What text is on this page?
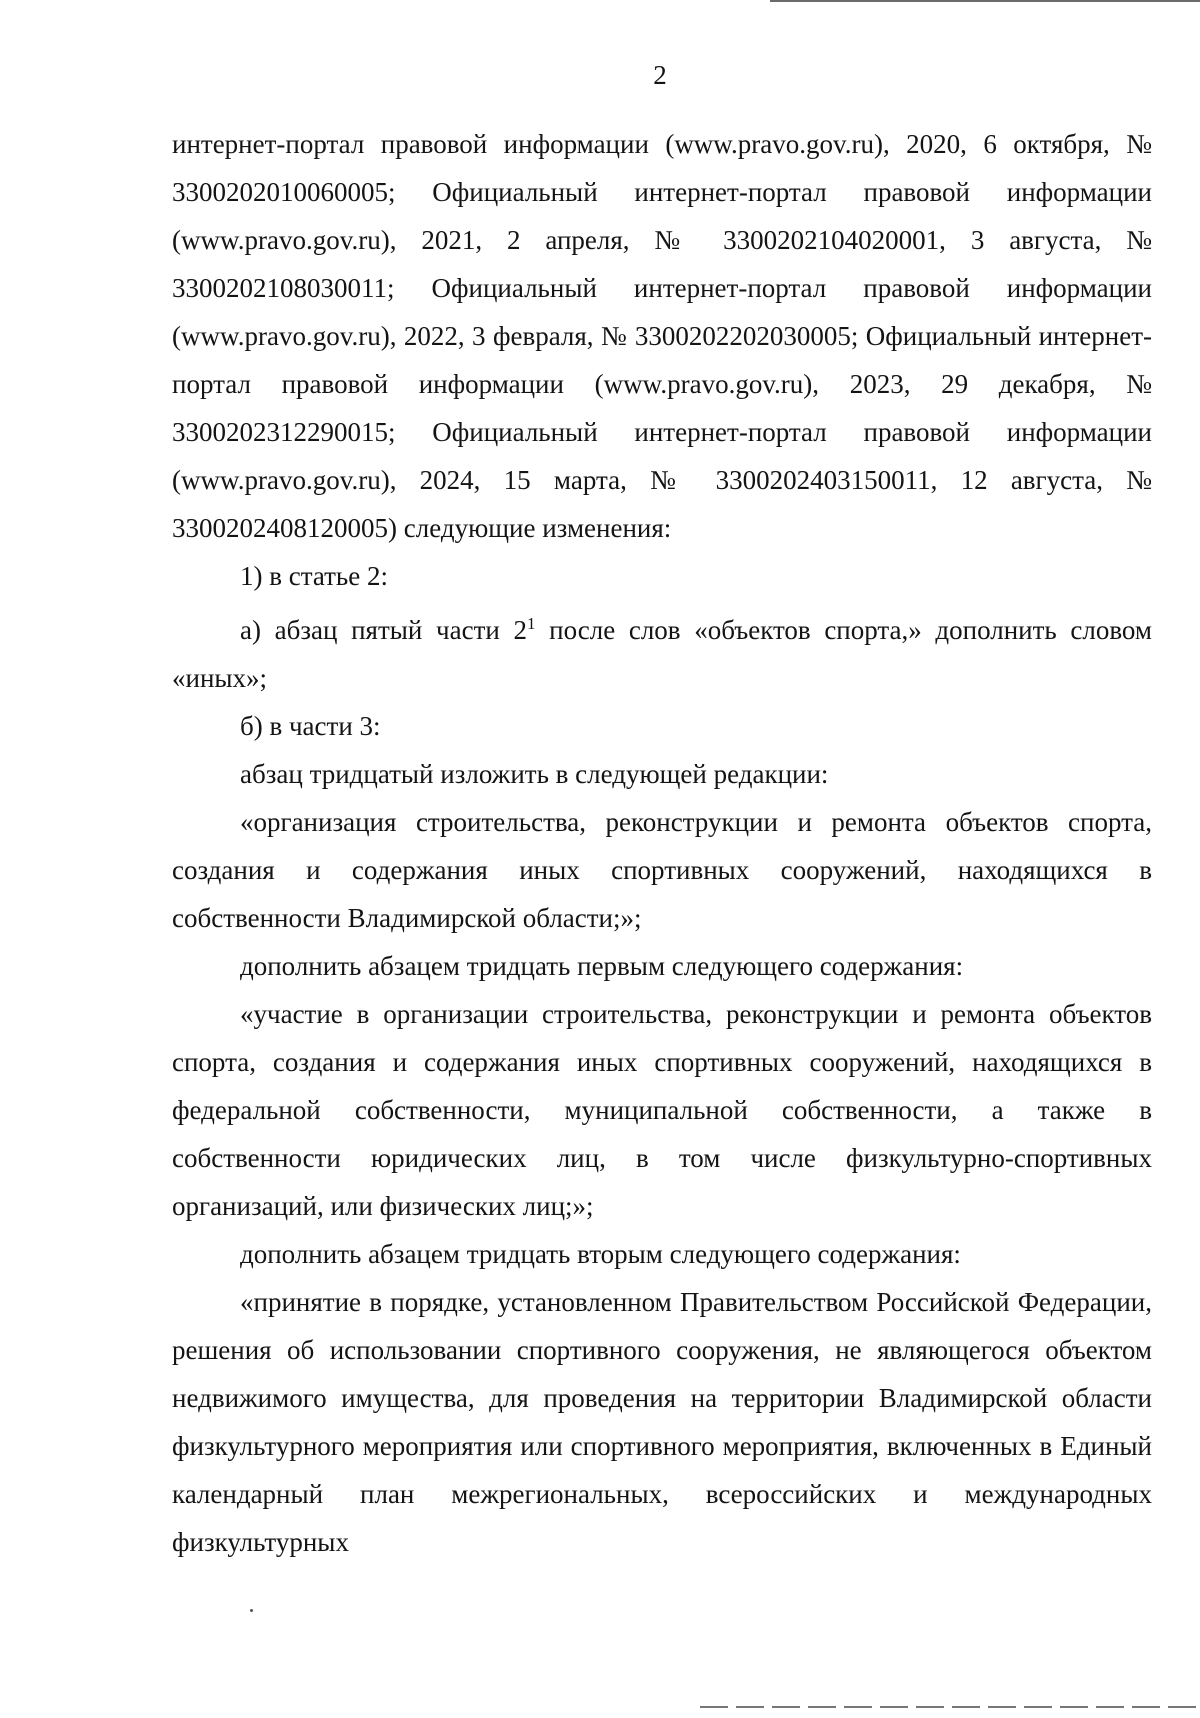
2

интернет-портал правовой информации (www.pravo.gov.ru), 2020, 6 октября, № 3300202010060005; Официальный интернет-портал правовой информации (www.pravo.gov.ru), 2021, 2 апреля, № 3300202104020001, 3 августа, № 3300202108030011; Официальный интернет-портал правовой информации (www.pravo.gov.ru), 2022, 3 февраля, № 3300202202030005; Официальный интернет-портал правовой информации (www.pravo.gov.ru), 2023, 29 декабря, № 3300202312290015; Официальный интернет-портал правовой информации (www.pravo.gov.ru), 2024, 15 марта, № 3300202403150011, 12 августа, № 3300202408120005) следующие изменения:

1) в статье 2:

а) абзац пятый части $2^1$ после слов «объектов спорта,» дополнить словом «иных»;

б) в части 3:

абзац тридцатый изложить в следующей редакции:

«организация строительства, реконструкции и ремонта объектов спорта, создания и содержания иных спортивных сооружений, находящихся в собственности Владимирской области;»;

дополнить абзацем тридцать первым следующего содержания:

«участие в организации строительства, реконструкции и ремонта объектов спорта, создания и содержания иных спортивных сооружений, находящихся в федеральной собственности, муниципальной собственности, а также в собственности юридических лиц, в том числе физкультурно-спортивных организаций, или физических лиц;»;

дополнить абзацем тридцать вторым следующего содержания:

«принятие в порядке, установленном Правительством Российской Федерации, решения об использовании спортивного сооружения, не являющегося объектом недвижимого имущества, для проведения на территории Владимирской области физкультурного мероприятия или спортивного мероприятия, включенных в Единый календарный план межрегиональных, всероссийских и международных физкультурных
